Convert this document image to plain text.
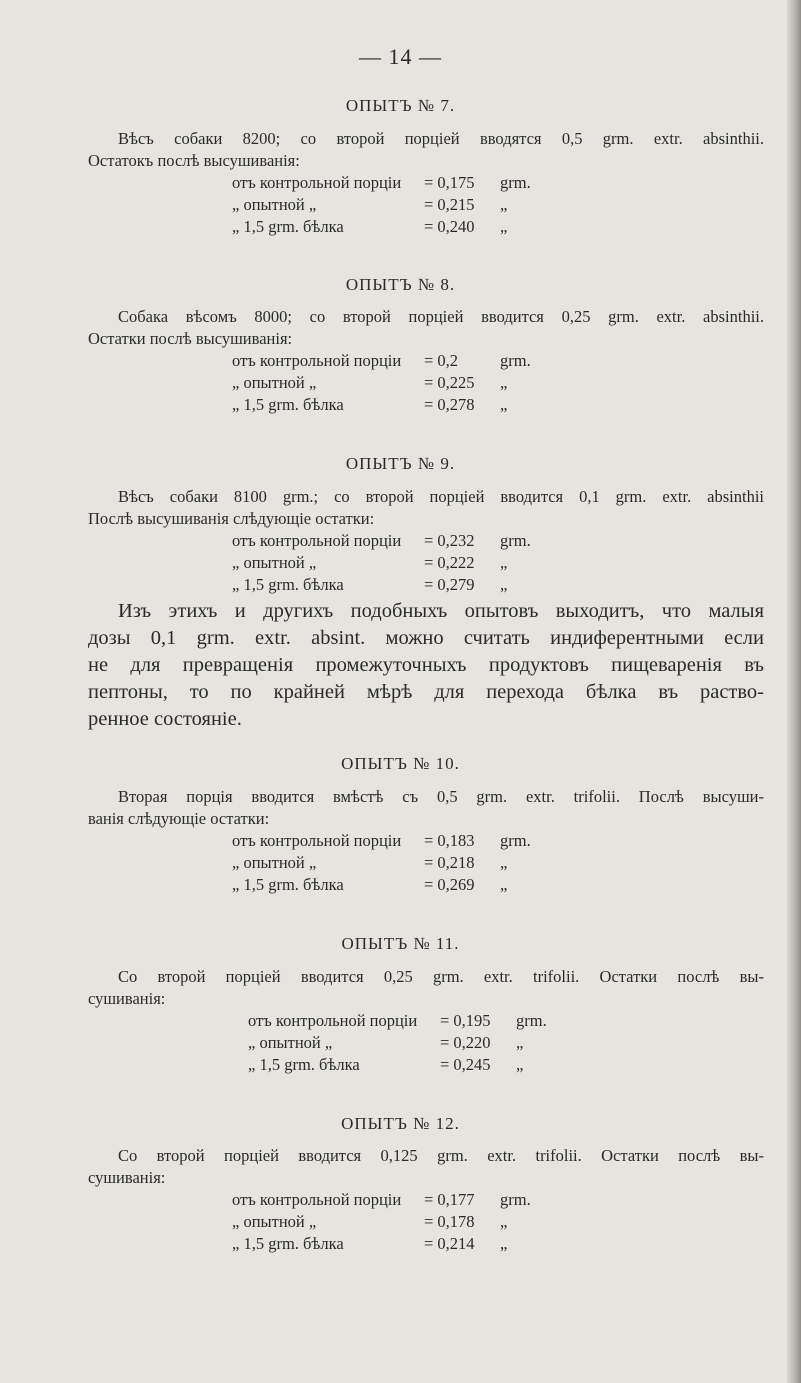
— 14 —
ОПЫТЪ № 7.
Вѣсъ собаки 8200; со второй порціей вводятся 0,5 grm. extr. absinthii.
Остатокъ послѣ высушиванія:
отъ контрольной порціи = 0,175 grm.
„ опытной „	= 0,215 „
„ 1,5 grm. бѣлка	= 0,240 „
ОПЫТЪ № 8.
Собака вѣсомъ 8000; со второй порціей вводится 0,25 grm. extr. absinthii.
Остатки послѣ высушиванія:
отъ контрольной порціи = 0,2	grm.
„ опытной „	= 0,225 „
„ 1,5 grm. бѣлка	= 0,278 „
ОПЫТЪ № 9.
Вѣсъ собаки 8100 grm.; со второй порціей вводится 0,1 grm. extr. absinthii
Послѣ высушиванія слѣдующіе остатки:
отъ контрольной порціи = 0,232 grm.
„ опытной „	= 0,222 „
„ 1,5 grm. бѣлка	= 0,279 „
Изъ этихъ и другихъ подобныхъ опытовъ выходитъ, что малыя
дозы 0,1 grm. extr. absint. можно считать индиферентными если
не для превращенія промежуточныхъ продуктовъ пищеваренія въ
пептоны, то по крайней мѣрѣ для перехода бѣлка въ раство-
ренное состояніе.
ОПЫТЪ № 10.
Вторая порція вводится вмѣстѣ съ 0,5 grm. extr. trifolii. Послѣ высуши-
ванія слѣдующіе остатки:
отъ контрольной порціи = 0,183 grm.
„ опытной „	= 0,218 „
„ 1,5 grm. бѣлка	= 0,269 „
ОПЫТЪ № 11.
Со второй порціей вводится 0,25 grm. extr. trifolii. Остатки послѣ вы-
сушиванія:
отъ контрольной порціи = 0,195 grm.
„ опытной „	= 0,220 „
„ 1,5 grm. бѣлка	= 0,245 „
ОПЫТЪ № 12.
Со второй порціей вводится 0,125 grm. extr. trifolii. Остатки послѣ вы-
сушиванія:
отъ контрольной порціи = 0,177 grm.
„ опытной „	= 0,178 „
„ 1,5 grm. бѣлка	= 0,214 „
